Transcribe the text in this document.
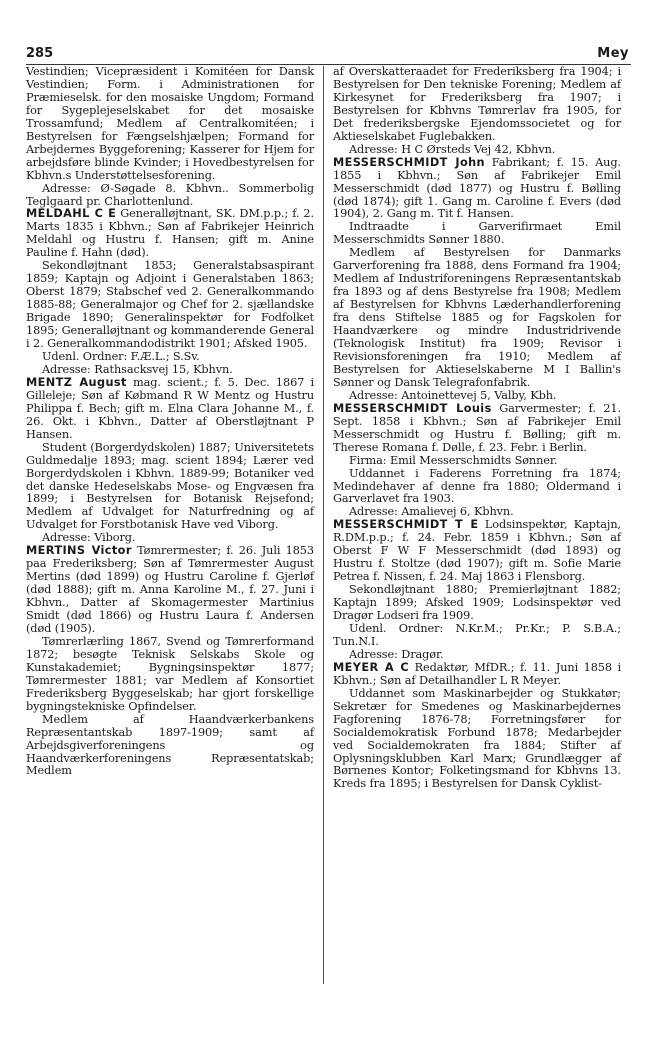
285	Mey

Vestindien; Vicepræsident i Komitéen for Dansk Vestindien; Form. i Administrationen for Præmieselsk. for den mosaiske Ungdom; Formand for Sygeplejeselskabet for det mosaiske Trossamfund; Medlem af Centralkomitéen; i Bestyrelsen for Fængselshjælpen; Formand for Arbejdernes Byggeforening; Kasserer for Hjem for arbejdsføre blinde Kvinder; i Hovedbestyrelsen for Kbhvn.s Understøttelsesforening.

Adresse: Ø-Søgade 8. Kbhvn.. Sommerbolig Teglgaard pr. Charlottenlund.

MELDAHL C E Generalløjtnant, SK. DM.p.p.; f. 2. Marts 1835 i Kbhvn.; Søn af Fabrikejer Heinrich Meldahl og Hustru f. Hansen; gift m. Anine Pauline f. Hahn (død).

Sekondløjtnant 1853; Generalstabsaspirant 1859; Kaptajn og Adjoint i Generalstaben 1863; Oberst 1879; Stabschef ved 2. Generalkommando 1885-88; Generalmajor og Chef for 2. sjællandske Brigade 1890; Generalinspektør for Fodfolket 1895; Generalløjtnant og kommanderende General i 2. Generalkommandodistrikt 1901; Afsked 1905.

Udenl. Ordner: F.Æ.L.; S.Sv.

Adresse: Rathsacksvej 15, Kbhvn.

MENTZ August mag. scient.; f. 5. Dec. 1867 i Gilleleje; Søn af Købmand R W Mentz og Hustru Philippa f. Bech; gift m. Elna Clara Johanne M., f. 26. Okt. i Kbhvn., Datter af Oberstløjtnant P Hansen.

Student (Borgerdydskolen) 1887; Universitetets Guldmedalje 1893; mag. scient 1894; Lærer ved Borgerdydskolen i Kbhvn. 1889-99; Botaniker ved det danske Hedeselskabs Mose- og Engvæsen fra 1899; i Bestyrelsen for Botanisk Rejsefond; Medlem af Udvalget for Naturfredning og af Udvalget for Forstbotanisk Have ved Viborg.

Adresse: Viborg.

MERTINS Victor Tømrermester; f. 26. Juli 1853 paa Frederiksberg; Søn af Tømrermester August Mertins (død 1899) og Hustru Caroline f. Gjerløf (død 1888); gift m. Anna Karoline M., f. 27. Juni i Kbhvn., Datter af Skomagermester Martinius Smidt (død 1866) og Hustru Laura f. Andersen (død (1905).

Tømrerlærling 1867, Svend og Tømrerformand 1872; besøgte Teknisk Selskabs Skole og Kunstakademiet; Bygningsinspektør 1877; Tømrermester 1881; var Medlem af Konsortiet Frederiksberg Byggeselskab; har gjort forskellige bygningstekniske Opfindelser.

Medlem af Haandværkerbankens Repræsentantskab 1897-1909; samt af Arbejdsgiverforeningens og Haandværkerforeningens Repræsentatskab; Medlem

af Overskatteraadet for Frederiksberg fra 1904; i Bestyrelsen for Den tekniske Forening; Medlem af Kirkesynet for Frederiksberg fra 1907; i Bestyrelsen for Kbhvns Tømrerlav fra 1905, for Det frederiksbergske Ejendomssocietet og for Aktieselskabet Fuglebakken.

Adresse: H C Ørsteds Vej 42, Kbhvn.

MESSERSCHMIDT John Fabrikant; f. 15. Aug. 1855 i Kbhvn.; Søn af Fabrikejer Emil Messerschmidt (død 1877) og Hustru f. Bølling (død 1874); gift 1. Gang m. Caroline f. Evers (død 1904), 2. Gang m. Tit f. Hansen.

Indtraadte i Garverifirmaet Emil Messerschmidts Sønner 1880.

Medlem af Bestyrelsen for Danmarks Garverforening fra 1888, dens Formand fra 1904; Medlem af Industriforeningens Repræsentantskab fra 1893 og af dens Bestyrelse fra 1908; Medlem af Bestyrelsen for Kbhvns Læderhandlerforening fra dens Stiftelse 1885 og for Fagskolen for Haandværkere og mindre Industridrivende (Teknologisk Institut) fra 1909; Revisor i Revisionsforeningen fra 1910; Medlem af Bestyrelsen for Aktieselskaberne M I Ballin's Sønner og Dansk Telegrafonfabrik.

Adresse: Antoinettevej 5, Valby, Kbh.

MESSERSCHMIDT Louis Garvermester; f. 21. Sept. 1858 i Kbhvn.; Søn af Fabrikejer Emil Messerschmidt og Hustru f. Bølling; gift m. Therese Romana f. Dølle, f. 23. Febr. i Berlin.

Firma: Emil Messerschmidts Sønner.

Uddannet i Faderens Forretning fra 1874; Medindehaver af denne fra 1880; Oldermand i Garverlavet fra 1903.

Adresse: Amalievej 6, Kbhvn.

MESSERSCHMIDT T E Lodsinspektør, Kaptajn, R.DM.p.p.; f. 24. Febr. 1859 i Kbhvn.; Søn af Oberst F W F Messerschmidt (død 1893) og Hustru f. Stoltze (død 1907); gift m. Sofie Marie Petrea f. Nissen, f. 24. Maj 1863 i Flensborg.

Sekondløjtnant 1880; Premierløjtnant 1882; Kaptajn 1899; Afsked 1909; Lodsinspektør ved Dragør Lodseri fra 1909.

Udenl. Ordner: N.Kr.M.; Pr.Kr.; P. S.B.A.; Tun.N.I.

Adresse: Dragør.

MEYER A C Redaktør, MfDR.; f. 11. Juni 1858 i Kbhvn.; Søn af Detailhandler L R Meyer.

Uddannet som Maskinarbejder og Stukkatør; Sekretær for Smedenes og Maskinarbejdernes Fagforening 1876-78; Forretningsfører for Socialdemokratisk Forbund 1878; Medarbejder ved Socialdemokraten fra 1884; Stifter af Oplysningsklubben Karl Marx; Grundlægger af Børnenes Kontor; Folketingsmand for Kbhvns 13. Kreds fra 1895; i Bestyrelsen for Dansk Cyklist-
